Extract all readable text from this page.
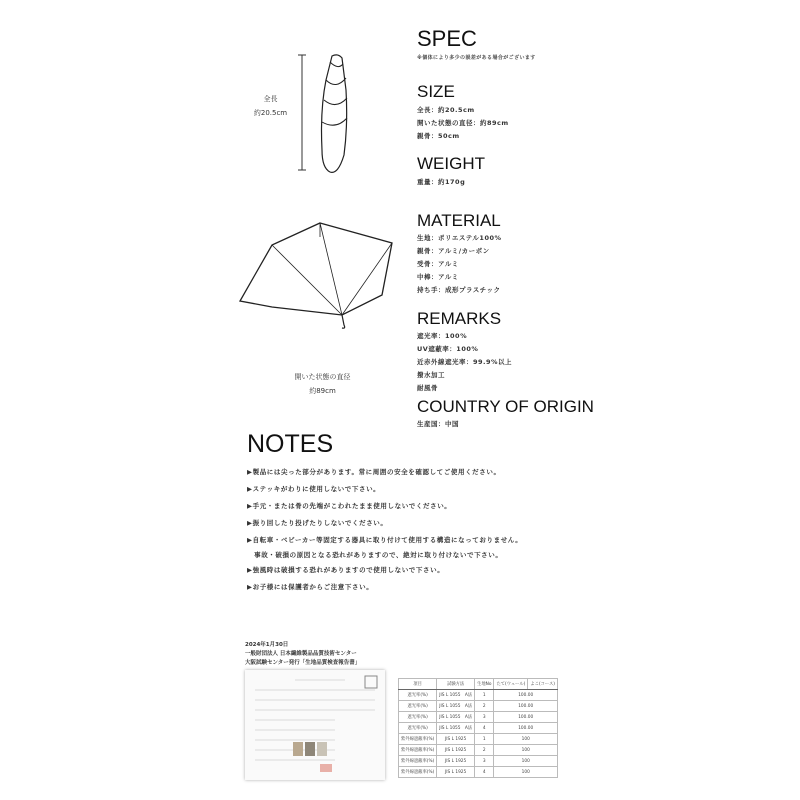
全長
約20.5cm
開いた状態の直径
約89cm
SPEC
※個体により多少の誤差がある場合がございます
SIZE
全長：約20.5cm
開いた状態の直径：約89cm
親骨：50cm
WEIGHT
重量：約170g
MATERIAL
生地：ポリエステル100%
親骨：アルミ/カーボン
受骨：アルミ
中棒：アルミ
持ち手：成形プラスチック
REMARKS
遮光率：100%
UV遮蔽率：100%
近赤外線遮光率：99.9%以上
撥水加工
耐風骨
COUNTRY OF ORIGIN
生産国：中国
NOTES
▶製品には尖った部分があります。常に周囲の安全を確認してご使用ください。
▶ステッキがわりに使用しないで下さい。
▶手元・または骨の先端がこわれたまま使用しないでください。
▶振り回したり投げたりしないでください。
▶自転車・ベビーカー等固定する器具に取り付けて使用する構造になっておりません。
　事故・破損の原因となる恐れがありますので、絶対に取り付けないで下さい。
▶強風時は破損する恐れがありますので使用しないで下さい。
▶お子様には保護者からご注意下さい。
2024年1月30日
一般財団法人 日本繊維製品品質技術センター
大阪試験センター発行「生地品質検査報告書」
項目	試験方法	生地No	たて(ウェール)	よこ(コース)
遮光率(%)	JIS L 1055　A法	1	100.00	
遮光率(%)	JIS L 1055　A法	2	100.00	
遮光率(%)	JIS L 1055　A法	3	100.00	
遮光率(%)	JIS L 1055　A法	4	100.00	
紫外線遮蔽率(%)	JIS L 1925	1	100	
紫外線遮蔽率(%)	JIS L 1925	2	100	
紫外線遮蔽率(%)	JIS L 1925	3	100	
紫外線遮蔽率(%)	JIS L 1925	4	100	
